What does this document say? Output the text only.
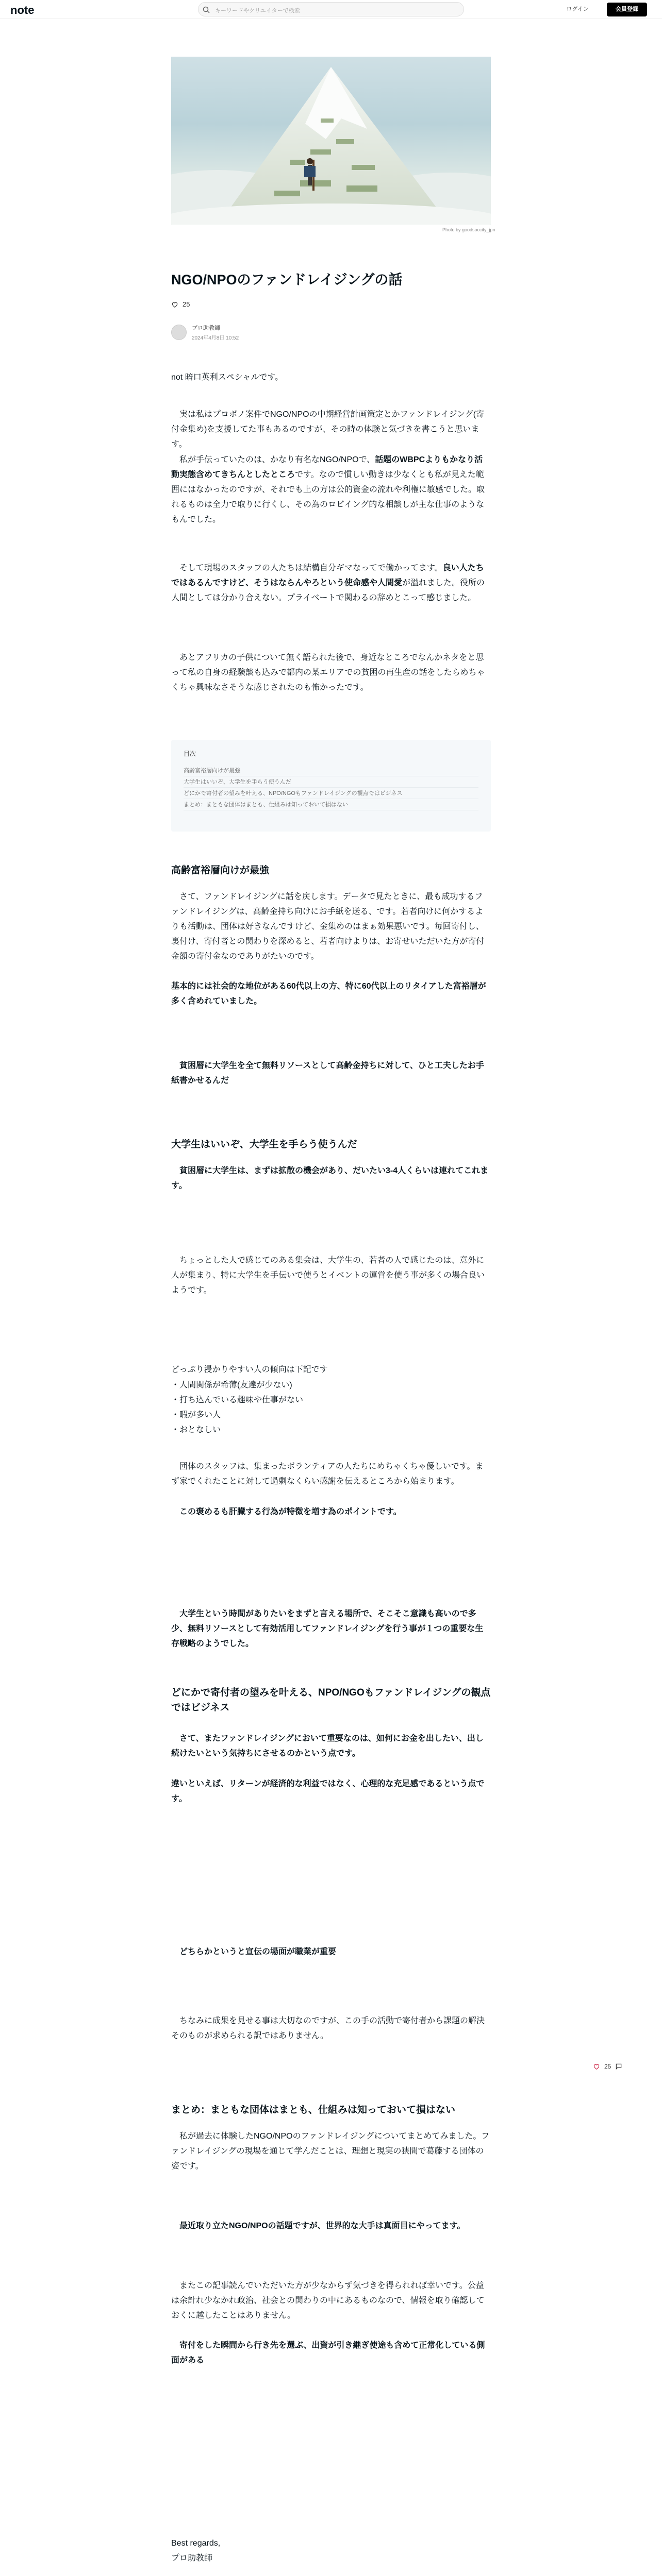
note	キーワードやクリエイターで検索	ログイン	会員登録
Photo by goodsoccity_jpn
NGO/NPOのファンドレイジングの話
25
プロ助教師
2024年4月8日 10:52
not 暗口英利スペシャルです。
実は私はプロボノ案件でNGO/NPOの中期経営計画策定とかファンドレイジング(寄付金集め)を支援してた事もあるのですが、その時の体験と気づきを書こうと思います。
私が手伝っていたのは、かなり有名なNGO/NPOで、話題のWBPCよりもかなり活動実態含めてきちんとしたところです。なので慣しい動きは少なくとも私が見えた範囲にはなかったのですが、それでも上の方は公的資金の流れや利権に敏感でした。取れるものは全力で取りに行くし、その為のロビイング的な相談しが主な仕事のようなもんでした。
そして現場のスタッフの人たちは結構自分ギマなってで働かってます。良い人たちではあるんですけど、そうはならんやろという使命感や人間愛が溢れました。役所の人間としては分かり合えない。プライベートで関わるの辞めとこって感じました。
あとアフリカの子供について無く語られた後で、身近なところでなんかネタをと思って私の自身の経験談も込みで都内の某エリアでの貧困の再生産の話をしたらめちゃくちゃ興味なさそうな感じされたのも怖かったです。
目次
高齢富裕層向けが最強
大学生はいいぞ、大学生を手らう使うんだ
どにかで寄付者の望みを叶える、NPO/NGOもファンドレイジングの観点ではビジネス
まとめ：まともな団体はまとも、仕組みは知っておいて損はない
高齢富裕層向けが最強
さて、ファンドレイジングに話を戻します。データで見たときに、最も成功するファンドレイジングは、高齢金持ち向けにお手紙を送る、です。若者向けに何かするよりも活動は、団体は好きなんですけど、金集めのはまぁ効果悪いです。毎回寄付し、裏付け、寄付者との関わりを深めると、若者向けよりは、お寄せいただいた方が寄付金額の寄付金なのでありがたいのです。
基本的には社会的な地位がある60代以上の方、特に60代以上のリタイアした富裕層が多く含めれていました。
貧困層に大学生を全て無料リソースとして高齢金持ちに対して、ひと工夫したお手紙書かせるんだ
大学生はいいぞ、大学生を手らう使うんだ
貧困層に大学生は、まずは拡散の機会があり、だいたい3-4人くらいは連れてこれます。
ちょっとした人で感じてのある集会は、大学生の、若者の人で感じたのは、意外に人が集まり、特に大学生を手伝いで使うとイベントの運営を使う事が多くの場合良いようです。
どっぷり浸かりやすい人の傾向は下記です
・人間関係が希薄(友達が少ない)
・打ち込んでいる趣味や仕事がない
・暇が多い人
・おとなしい
団体のスタッフは、集まったボランティアの人たちにめちゃくちゃ優しいです。まず家でくれたことに対して過剰なくらい感謝を伝えるところから始まります。
この褒めるも肝臓する行為が特徴を増す為のポイントです。
大学生という時間がありたいをまずと言える場所で、そこそこ意識も高いので多少、無料リソースとして有効活用してファンドレイジングを行う事が１つの重要な生存戦略のようでした。
どにかで寄付者の望みを叶える、NPO/NGOもファンドレイジングの観点ではビジネス
さて、またファンドレイジングにおいて重要なのは、如何にお金を出したい、出し続けたいという気持ちにさせるのかという点です。
違いといえば、リターンが経済的な利益ではなく、心理的な充足感であるという点です。
どちらかというと宣伝の場面が職業が重要
ちなみに成果を見せる事は大切なのですが、この手の活動で寄付者から課題の解決そのものが求められる訳ではありません。
まとめ：まともな団体はまとも、仕組みは知っておいて損はない
私が過去に体験したNGO/NPOのファンドレイジングについてまとめてみました。ファンドレイジングの現場を通じて学んだことは、理想と現実の狭間で葛藤する団体の姿です。
最近取り立たNGO/NPOの話題ですが、世界的な大手は真面目にやってます。
またこの記事読んでいただいた方が少なからず気づきを得られれば幸いです。公益は余計れ少なかれ政治、社会との関わりの中にあるものなので、情報を取り確認しておくに越したことはありません。
寄付をした瞬間から行き先を選ぶ、出資が引き継ぎ使途も含めて正常化している側面がある
Best regards,
プロ助教師
25
